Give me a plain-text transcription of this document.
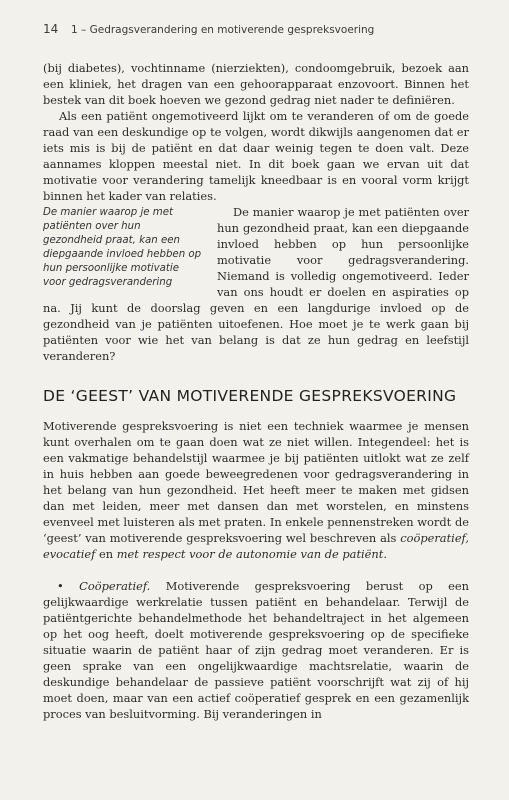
14	1 – Gedragsverandering en motiverende gespreksvoering

(bij diabetes), vochtinname (nierziekten), condoomgebruik, bezoek aan een kliniek, het dragen van een gehoorapparaat enzovoort. Binnen het bestek van dit boek hoeven we gezond gedrag niet nader te definiëren.

Als een patiënt ongemotiveerd lijkt om te veranderen of om de goede raad van een deskundige op te volgen, wordt dikwijls aangenomen dat er iets mis is bij de patiënt en dat daar weinig tegen te doen valt. Deze aannames kloppen meestal niet. In dit boek gaan we ervan uit dat motivatie voor verandering tamelijk kneedbaar is en vooral vorm krijgt binnen het kader van relaties.

De manier waarop je met patiënten over hun gezondheid praat, kan een diepgaande invloed hebben op hun persoonlijke motivatie voor gedragsverandering

De manier waarop je met patiënten over hun gezondheid praat, kan een diepgaande invloed hebben op hun persoonlijke motivatie voor gedragsverandering. Niemand is volledig ongemotiveerd. Ieder van ons houdt er doelen en aspiraties op na. Jij kunt de doorslag geven en een langdurige invloed op de gezondheid van je patiënten uitoefenen. Hoe moet je te werk gaan bij patiënten voor wie het van belang is dat ze hun gedrag en leefstijl veranderen?

DE ‘GEEST’ VAN MOTIVERENDE GESPREKSVOERING

Motiverende gespreksvoering is niet een techniek waarmee je mensen kunt overhalen om te gaan doen wat ze niet willen. Integendeel: het is een vakmatige behandelstijl waarmee je bij patiënten uitlokt wat ze zelf in huis hebben aan goede beweegredenen voor gedragsverandering in het belang van hun gezondheid. Het heeft meer te maken met gidsen dan met leiden, meer met dansen dan met worstelen, en minstens evenveel met luisteren als met praten. In enkele pennenstreken wordt de ‘geest’ van motiverende gespreksvoering wel beschreven als coöperatief, evocatief en met respect voor de autonomie van de patiënt.

• Coöperatief. Motiverende gespreksvoering berust op een gelijkwaardige werkrelatie tussen patiënt en behandelaar. Terwijl de patiëntgerichte behandelmethode het behandeltraject in het algemeen op het oog heeft, doelt motiverende gespreksvoering op de specifieke situatie waarin de patiënt haar of zijn gedrag moet veranderen. Er is geen sprake van een ongelijkwaardige machtsrelatie, waarin de deskundige behandelaar de passieve patiënt voorschrijft wat zij of hij moet doen, maar van een actief coöperatief gesprek en een gezamenlijk proces van besluitvorming. Bij veranderingen in
